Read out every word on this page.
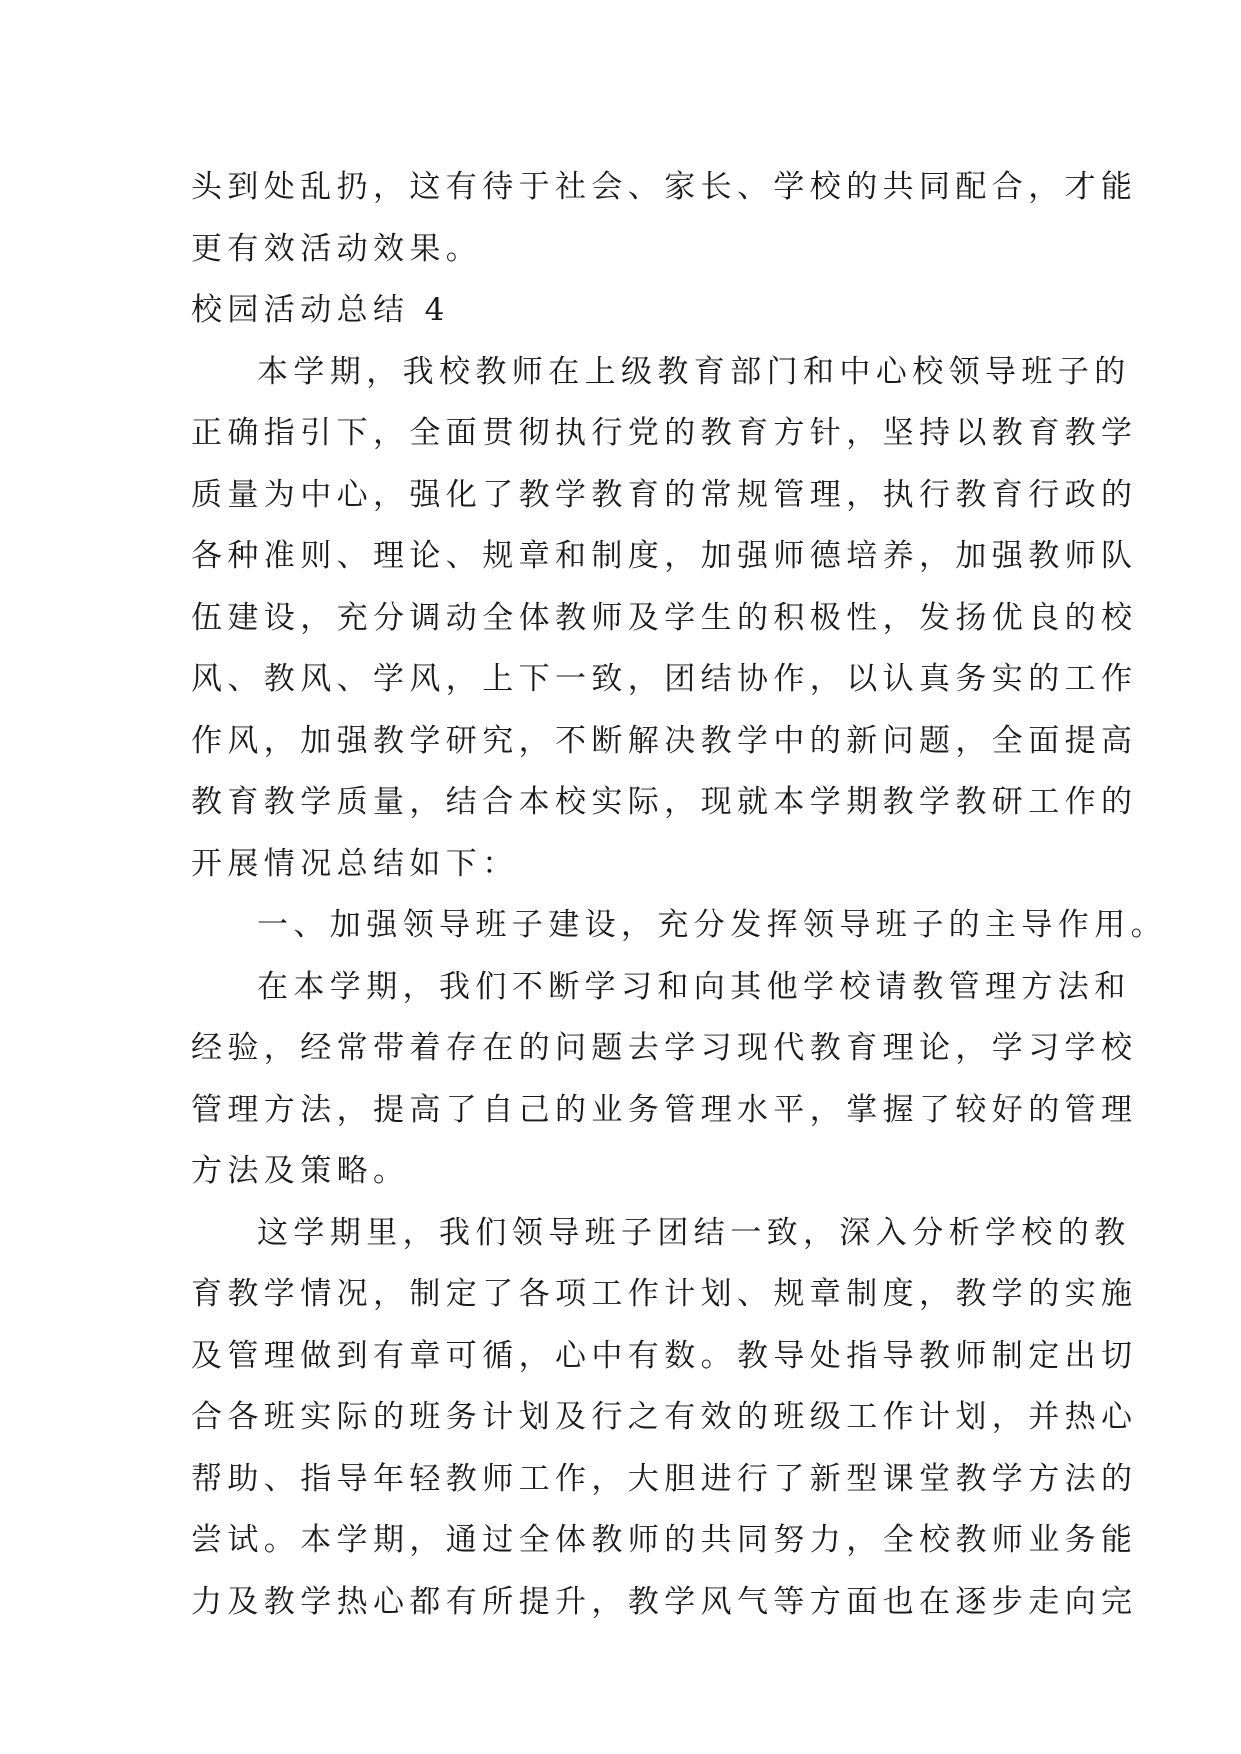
头到处乱扔，这有待于社会、家长、学校的共同配合，才能
更有效活动效果。
校园活动总结 4
本学期，我校教师在上级教育部门和中心校领导班子的
正确指引下，全面贯彻执行党的教育方针，坚持以教育教学
质量为中心，强化了教学教育的常规管理，执行教育行政的
各种准则、理论、规章和制度，加强师德培养，加强教师队
伍建设，充分调动全体教师及学生的积极性，发扬优良的校
风、教风、学风，上下一致，团结协作，以认真务实的工作
作风，加强教学研究，不断解决教学中的新问题，全面提高
教育教学质量，结合本校实际，现就本学期教学教研工作的
开展情况总结如下：
一、加强领导班子建设，充分发挥领导班子的主导作用。
在本学期，我们不断学习和向其他学校请教管理方法和
经验，经常带着存在的问题去学习现代教育理论，学习学校
管理方法，提高了自己的业务管理水平，掌握了较好的管理
方法及策略。
这学期里，我们领导班子团结一致，深入分析学校的教
育教学情况，制定了各项工作计划、规章制度，教学的实施
及管理做到有章可循，心中有数。教导处指导教师制定出切
合各班实际的班务计划及行之有效的班级工作计划，并热心
帮助、指导年轻教师工作，大胆进行了新型课堂教学方法的
尝试。本学期，通过全体教师的共同努力，全校教师业务能
力及教学热心都有所提升，教学风气等方面也在逐步走向完
